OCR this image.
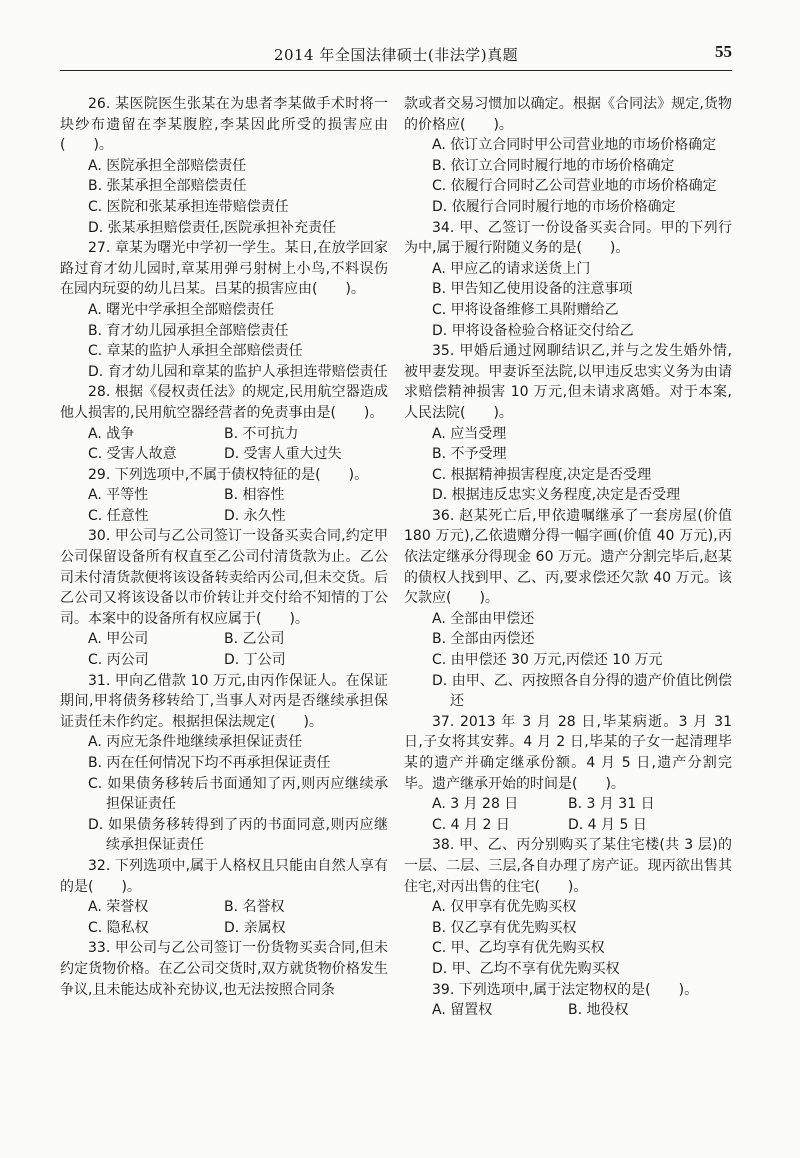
2014 年全国法律硕士(非法学)真题	55

26. 某医院医生张某在为患者李某做手术时将一块纱布遗留在李某腹腔,李某因此所受的损害应由(　　)。

A. 医院承担全部赔偿责任

B. 张某承担全部赔偿责任

C. 医院和张某承担连带赔偿责任

D. 张某承担赔偿责任,医院承担补充责任

27. 章某为曙光中学初一学生。某日,在放学回家路过育才幼儿园时,章某用弹弓射树上小鸟,不料误伤在园内玩耍的幼儿吕某。吕某的损害应由(　　)。

A. 曙光中学承担全部赔偿责任

B. 育才幼儿园承担全部赔偿责任

C. 章某的监护人承担全部赔偿责任

D. 育才幼儿园和章某的监护人承担连带赔偿责任

28. 根据《侵权责任法》的规定,民用航空器造成他人损害的,民用航空器经营者的免责事由是(　　)。

A. 战争	B. 不可抗力
C. 受害人故意	D. 受害人重大过失

29. 下列选项中,不属于债权特征的是(　　)。

A. 平等性	B. 相容性
C. 任意性	D. 永久性

30. 甲公司与乙公司签订一设备买卖合同,约定甲公司保留设备所有权直至乙公司付清货款为止。乙公司未付清货款便将该设备转卖给丙公司,但未交货。后乙公司又将该设备以市价转让并交付给不知情的丁公司。本案中的设备所有权应属于(　　)。

A. 甲公司	B. 乙公司
C. 丙公司	D. 丁公司

31. 甲向乙借款 10 万元,由丙作保证人。在保证期间,甲将债务移转给丁,当事人对丙是否继续承担保证责任未作约定。根据担保法规定(　　)。

A. 丙应无条件地继续承担保证责任

B. 丙在任何情况下均不再承担保证责任

C. 如果债务移转后书面通知了丙,则丙应继续承担保证责任

D. 如果债务移转得到了丙的书面同意,则丙应继续承担保证责任

32. 下列选项中,属于人格权且只能由自然人享有的是(　　)。

A. 荣誉权	B. 名誉权
C. 隐私权	D. 亲属权

33. 甲公司与乙公司签订一份货物买卖合同,但未约定货物价格。在乙公司交货时,双方就货物价格发生争议,且未能达成补充协议,也无法按照合同条

款或者交易习惯加以确定。根据《合同法》规定,货物的价格应(　　)。

A. 依订立合同时甲公司营业地的市场价格确定

B. 依订立合同时履行地的市场价格确定

C. 依履行合同时乙公司营业地的市场价格确定

D. 依履行合同时履行地的市场价格确定

34. 甲、乙签订一份设备买卖合同。甲的下列行为中,属于履行附随义务的是(　　)。

A. 甲应乙的请求送货上门

B. 甲告知乙使用设备的注意事项

C. 甲将设备维修工具附赠给乙

D. 甲将设备检验合格证交付给乙

35. 甲婚后通过网聊结识乙,并与之发生婚外情,被甲妻发现。甲妻诉至法院,以甲违反忠实义务为由请求赔偿精神损害 10 万元,但未请求离婚。对于本案,人民法院(　　)。

A. 应当受理

B. 不予受理

C. 根据精神损害程度,决定是否受理

D. 根据违反忠实义务程度,决定是否受理

36. 赵某死亡后,甲依遗嘱继承了一套房屋(价值 180 万元),乙依遗赠分得一幅字画(价值 40 万元),丙依法定继承分得现金 60 万元。遗产分割完毕后,赵某的债权人找到甲、乙、丙,要求偿还欠款 40 万元。该欠款应(　　)。

A. 全部由甲偿还

B. 全部由丙偿还

C. 由甲偿还 30 万元,丙偿还 10 万元

D. 由甲、乙、丙按照各自分得的遗产价值比例偿还

37. 2013 年 3 月 28 日,毕某病逝。3 月 31 日,子女将其安葬。4 月 2 日,毕某的子女一起清理毕某的遗产并确定继承份额。4 月 5 日,遗产分割完毕。遗产继承开始的时间是(　　)。

A. 3 月 28 日	B. 3 月 31 日
C. 4 月 2 日	D. 4 月 5 日

38. 甲、乙、丙分别购买了某住宅楼(共 3 层)的一层、二层、三层,各自办理了房产证。现丙欲出售其住宅,对丙出售的住宅(　　)。

A. 仅甲享有优先购买权

B. 仅乙享有优先购买权

C. 甲、乙均享有优先购买权

D. 甲、乙均不享有优先购买权

39. 下列选项中,属于法定物权的是(　　)。

A. 留置权	B. 地役权
